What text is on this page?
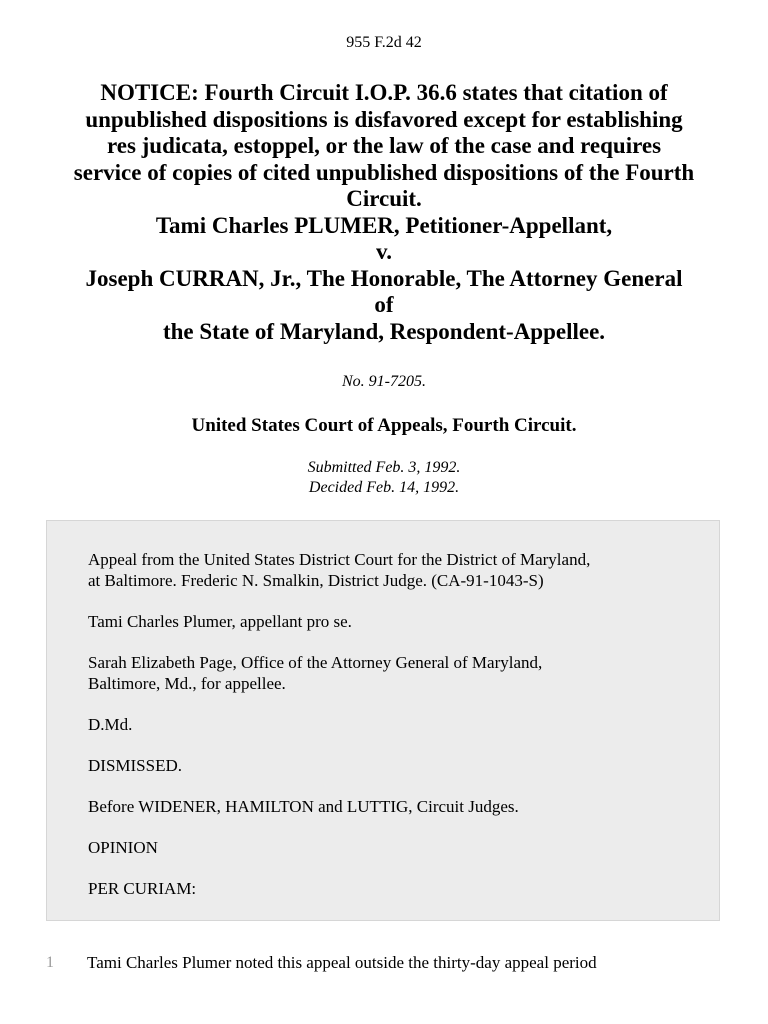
955 F.2d 42
NOTICE: Fourth Circuit I.O.P. 36.6 states that citation of
unpublished dispositions is disfavored except for establishing
res judicata, estoppel, or the law of the case and requires
service of copies of cited unpublished dispositions of the Fourth
Circuit.
Tami Charles PLUMER, Petitioner-Appellant,
v.
Joseph CURRAN, Jr., The Honorable, The Attorney General
of
the State of Maryland, Respondent-Appellee.
No. 91-7205.
United States Court of Appeals, Fourth Circuit.
Submitted Feb. 3, 1992.
Decided Feb. 14, 1992.

Appeal from the United States District Court for the District of Maryland,
at Baltimore. Frederic N. Smalkin, District Judge. (CA-91-1043-S)

Tami Charles Plumer, appellant pro se.

Sarah Elizabeth Page, Office of the Attorney General of Maryland,
Baltimore, Md., for appellee.

D.Md.

DISMISSED.

Before WIDENER, HAMILTON and LUTTIG, Circuit Judges.

OPINION

PER CURIAM:

1 Tami Charles Plumer noted this appeal outside the thirty-day appeal period
